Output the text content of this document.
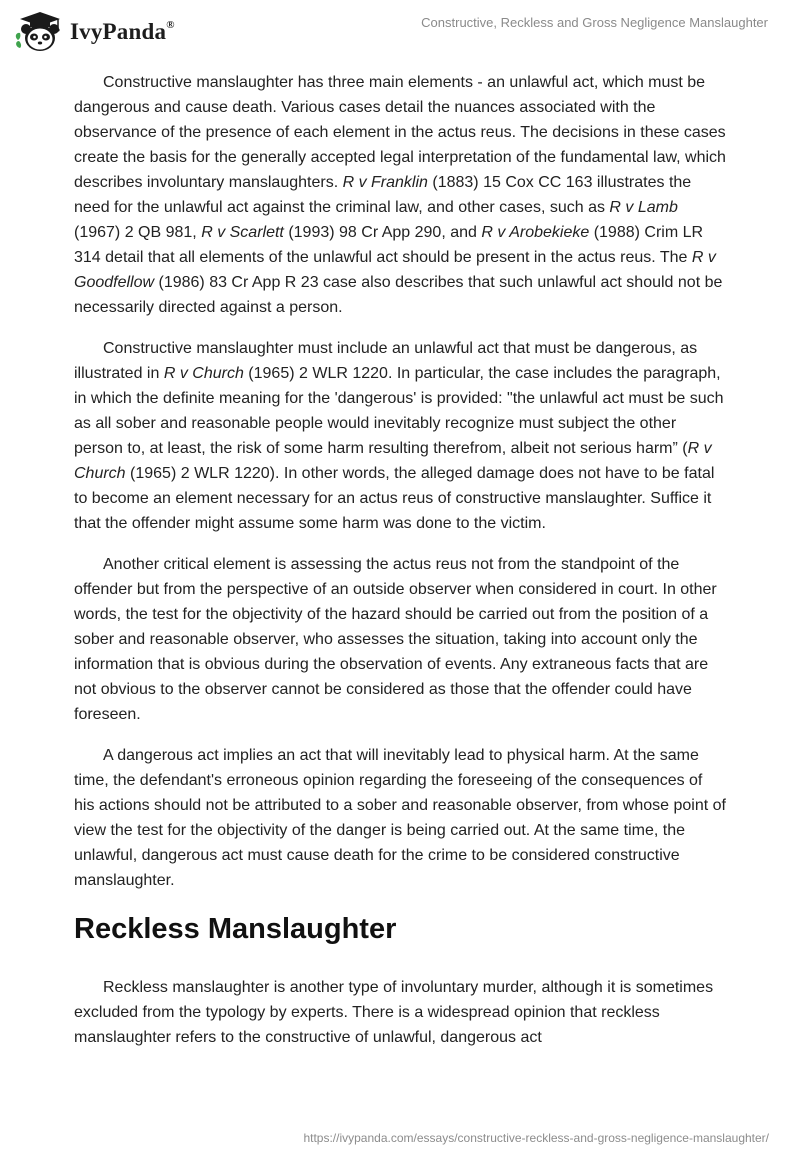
IvyPanda®	Constructive, Reckless and Gross Negligence Manslaughter

Constructive manslaughter has three main elements - an unlawful act, which must be dangerous and cause death. Various cases detail the nuances associated with the observance of the presence of each element in the actus reus. The decisions in these cases create the basis for the generally accepted legal interpretation of the fundamental law, which describes involuntary manslaughters. R v Franklin (1883) 15 Cox CC 163 illustrates the need for the unlawful act against the criminal law, and other cases, such as R v Lamb (1967) 2 QB 981, R v Scarlett (1993) 98 Cr App 290, and R v Arobekieke (1988) Crim LR 314 detail that all elements of the unlawful act should be present in the actus reus. The R v Goodfellow (1986) 83 Cr App R 23 case also describes that such unlawful act should not be necessarily directed against a person.

Constructive manslaughter must include an unlawful act that must be dangerous, as illustrated in R v Church (1965) 2 WLR 1220. In particular, the case includes the paragraph, in which the definite meaning for the 'dangerous' is provided: "the unlawful act must be such as all sober and reasonable people would inevitably recognize must subject the other person to, at least, the risk of some harm resulting therefrom, albeit not serious harm” (R v Church (1965) 2 WLR 1220). In other words, the alleged damage does not have to be fatal to become an element necessary for an actus reus of constructive manslaughter. Suffice it that the offender might assume some harm was done to the victim.

Another critical element is assessing the actus reus not from the standpoint of the offender but from the perspective of an outside observer when considered in court. In other words, the test for the objectivity of the hazard should be carried out from the position of a sober and reasonable observer, who assesses the situation, taking into account only the information that is obvious during the observation of events. Any extraneous facts that are not obvious to the observer cannot be considered as those that the offender could have foreseen.

A dangerous act implies an act that will inevitably lead to physical harm. At the same time, the defendant's erroneous opinion regarding the foreseeing of the consequences of his actions should not be attributed to a sober and reasonable observer, from whose point of view the test for the objectivity of the danger is being carried out. At the same time, the unlawful, dangerous act must cause death for the crime to be considered constructive manslaughter.

Reckless Manslaughter

Reckless manslaughter is another type of involuntary murder, although it is sometimes excluded from the typology by experts. There is a widespread opinion that reckless manslaughter refers to the constructive of unlawful, dangerous act

https://ivypanda.com/essays/constructive-reckless-and-gross-negligence-manslaughter/
